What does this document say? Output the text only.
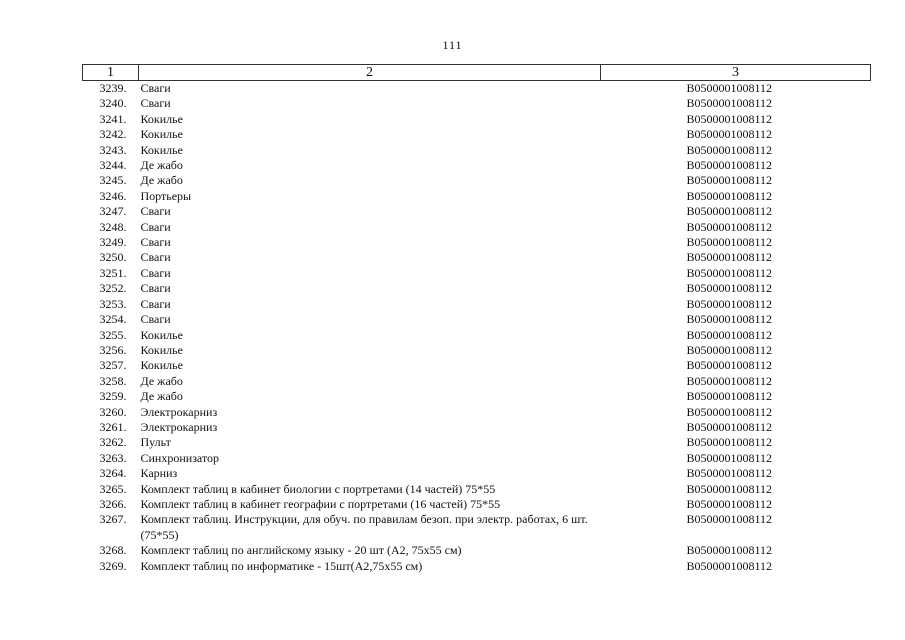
111
1	2	3
3239.	Сваги	B0500001008112
3240.	Сваги	B0500001008112
3241.	Кокилье	B0500001008112
3242.	Кокилье	B0500001008112
3243.	Кокилье	B0500001008112
3244.	Де жабо	B0500001008112
3245.	Де жабо	B0500001008112
3246.	Портьеры	B0500001008112
3247.	Сваги	B0500001008112
3248.	Сваги	B0500001008112
3249.	Сваги	B0500001008112
3250.	Сваги	B0500001008112
3251.	Сваги	B0500001008112
3252.	Сваги	B0500001008112
3253.	Сваги	B0500001008112
3254.	Сваги	B0500001008112
3255.	Кокилье	B0500001008112
3256.	Кокилье	B0500001008112
3257.	Кокилье	B0500001008112
3258.	Де жабо	B0500001008112
3259.	Де жабо	B0500001008112
3260.	Электрокарниз	B0500001008112
3261.	Электрокарниз	B0500001008112
3262.	Пульт	B0500001008112
3263.	Синхронизатор	B0500001008112
3264.	Карниз	B0500001008112
3265.	Комплект таблиц в кабинет биологии с портретами (14 частей) 75*55	B0500001008112
3266.	Комплект таблиц в кабинет географии с портретами (16 частей) 75*55	B0500001008112
3267.	Комплект таблиц. Инструкции, для обуч. по правилам безоп. при электр. работах, 6 шт. (75*55)	B0500001008112
3268.	Комплект таблиц по английскому языку - 20 шт (А2, 75х55 см)	B0500001008112
3269.	Комплект таблиц по информатике - 15шт(А2,75х55 см)	B0500001008112
